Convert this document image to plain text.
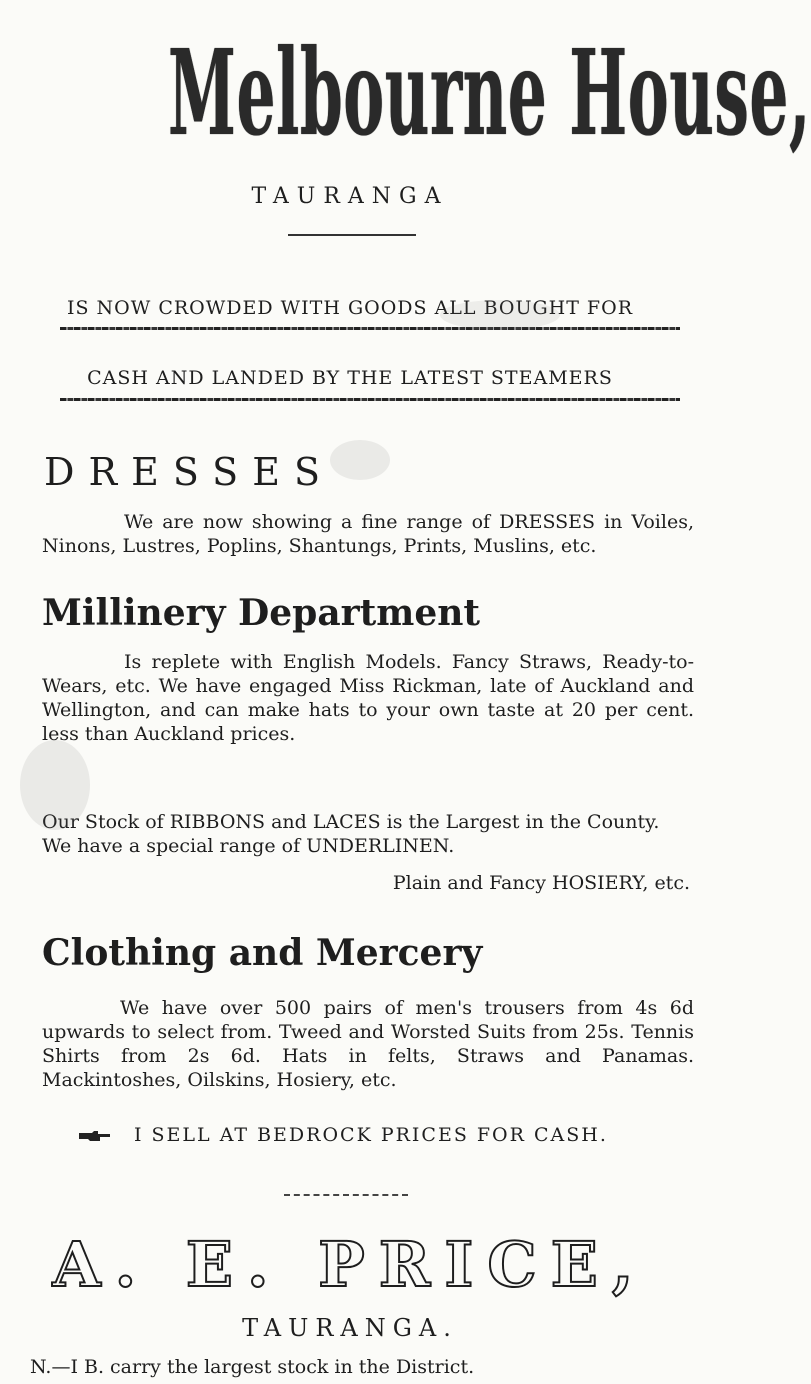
Melbourne House,
TAURANGA
IS NOW CROWDED WITH GOODS ALL BOUGHT FOR
CASH AND LANDED BY THE LATEST STEAMERS
DRESSES
We are now showing a fine range of DRESSES in Voiles, Ninons, Lustres, Poplins, Shantungs, Prints, Muslins, etc.
Millinery Department
Is replete with English Models. Fancy Straws, Ready-to-Wears, etc. We have engaged Miss Rickman, late of Auckland and Wellington, and can make hats to your own taste at 20 per cent. less than Auckland prices.
Our Stock of RIBBONS and LACES is the Largest in the County.
We have a special range of UNDERLINEN.
Plain and Fancy HOSIERY, etc.
Clothing and Mercery
We have over 500 pairs of men's trousers from 4s 6d upwards to select from. Tweed and Worsted Suits from 25s. Tennis Shirts from 2s 6d. Hats in felts, Straws and Panamas. Mackintoshes, Oilskins, Hosiery, etc.
I SELL AT BEDROCK PRICES FOR CASH.
A. E. PRICE,
TAURANGA.
N.—I B. carry the largest stock in the District.
